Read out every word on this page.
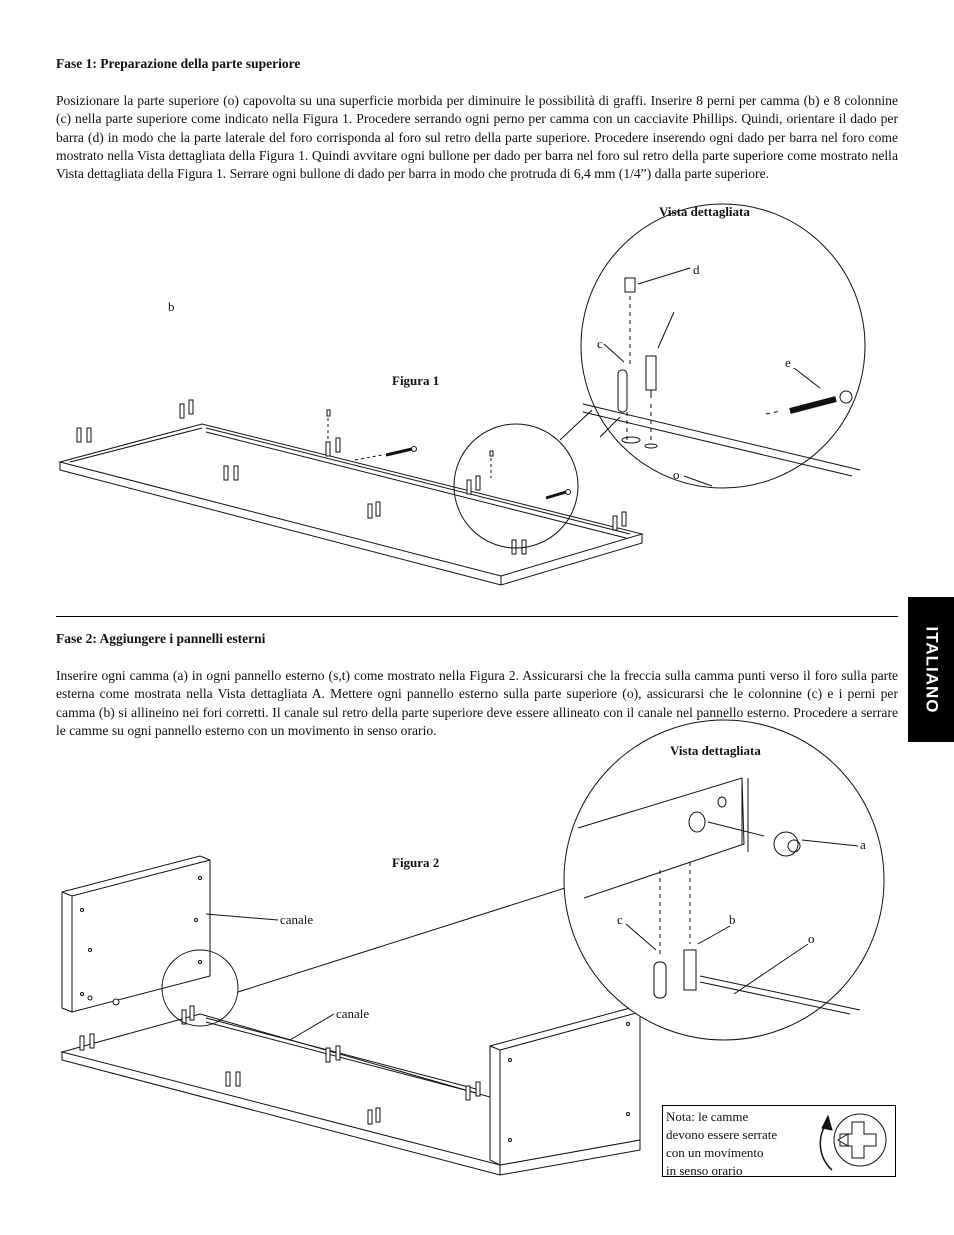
Fase 1: Preparazione della parte superiore

Posizionare la parte superiore (o) capovolta su una superficie morbida per diminuire le possibilità di graffi. Inserire 8 perni per camma (b) e 8 colonnine (c) nella parte superiore come indicato nella Figura 1. Procedere serrando ogni perno per camma con un cacciavite Phillips. Quindi, orientare il dado per barra (d) in modo che la parte laterale del foro corrisponda al foro sul retro della parte superiore. Procedere inserendo ogni dado per barra nel foro come mostrato nella Vista dettagliata della Figura 1. Quindi avvitare ogni bullone per dado per barra nel foro sul retro della parte superiore come mostrato nella Vista dettagliata della Figura 1. Serrare ogni bullone di dado per barra in modo che protruda di 6,4 mm (1/4”) dalla parte superiore.

b
Figura 1
Vista dettagliata
d
c
e
o
ITALIANO
Fase 2: Aggiungere i pannelli esterni

Inserire ogni camma (a) in ogni pannello esterno (s,t) come mostrato nella Figura 2. Assicurarsi che la freccia sulla camma punti verso il foro sulla parte esterna come mostrata nella Vista dettagliata A. Mettere ogni pannello esterno sulla parte superiore (o), assicurarsi che le colonnine (c) e i perni per camma (b) si allineino nei fori corretti. Il canale sul retro della parte superiore deve essere allineato con il canale nel pannello esterno. Procedere a serrare le camme su ogni pannello esterno con un movimento in senso orario.

Vista dettagliata
Figura 2
canale
canale
a
c	b
o

Nota: le camme
devono essere serrate
con un movimento
in senso orario
